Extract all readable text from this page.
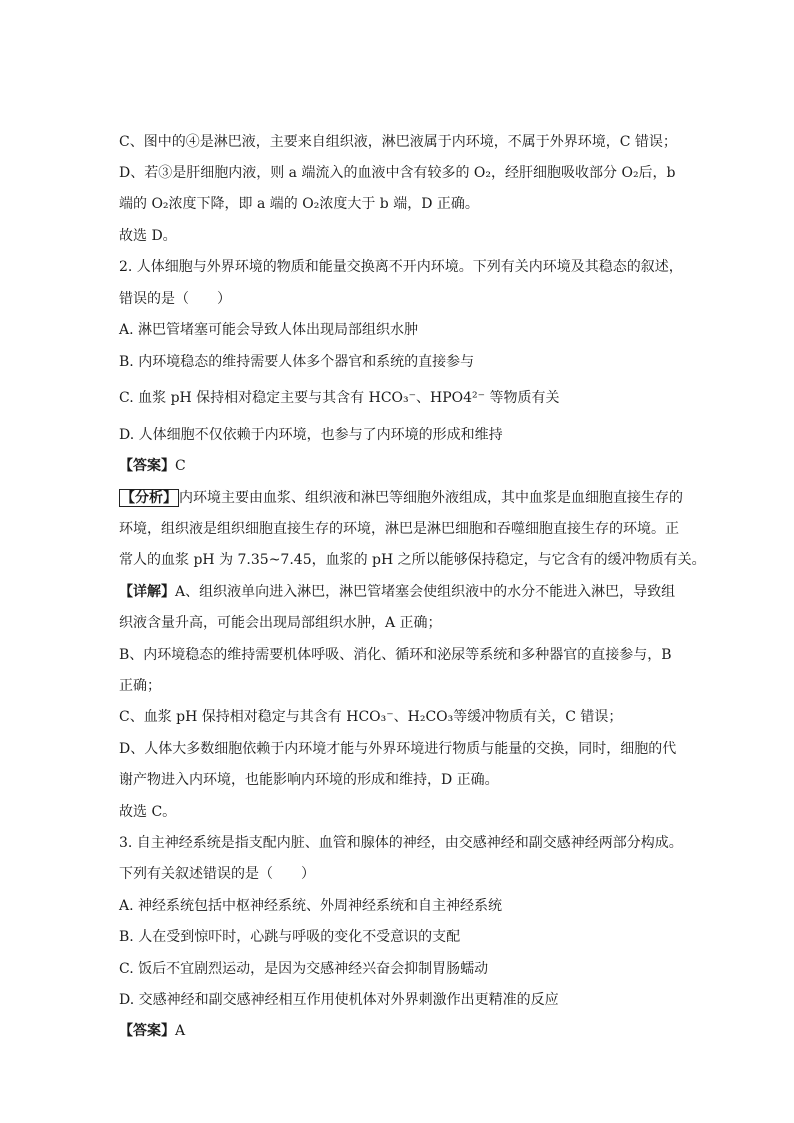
C、图中的④是淋巴液，主要来自组织液，淋巴液属于内环境，不属于外界环境，C 错误；
D、若③是肝细胞内液，则 a 端流入的血液中含有较多的 O₂，经肝细胞吸收部分 O₂后，b
端的 O₂浓度下降，即 a 端的 O₂浓度大于 b 端，D 正确。
故选 D。
2. 人体细胞与外界环境的物质和能量交换离不开内环境。下列有关内环境及其稳态的叙述，
错误的是（　　）
A. 淋巴管堵塞可能会导致人体出现局部组织水肿
B. 内环境稳态的维持需要人体多个器官和系统的直接参与
C. 血浆 pH 保持相对稳定主要与其含有 HCO₃⁻、HPO4²⁻ 等物质有关
D. 人体细胞不仅依赖于内环境，也参与了内环境的形成和维持
【答案】C
【分析】 内环境主要由血浆、组织液和淋巴等细胞外液组成，其中血浆是血细胞直接生存的
环境，组织液是组织细胞直接生存的环境，淋巴是淋巴细胞和吞噬细胞直接生存的环境。正
常人的血浆 pH 为 7.35~7.45，血浆的 pH 之所以能够保持稳定，与它含有的缓冲物质有关。
【详解】A、组织液单向进入淋巴，淋巴管堵塞会使组织液中的水分不能进入淋巴，导致组
织液含量升高，可能会出现局部组织水肿，A 正确；
B、内环境稳态的维持需要机体呼吸、消化、循环和泌尿等系统和多种器官的直接参与，B
正确；
C、血浆 pH 保持相对稳定与其含有 HCO₃⁻、H₂CO₃等缓冲物质有关，C 错误；
D、人体大多数细胞依赖于内环境才能与外界环境进行物质与能量的交换，同时，细胞的代
谢产物进入内环境，也能影响内环境的形成和维持，D 正确。
故选 C。
3. 自主神经系统是指支配内脏、血管和腺体的神经，由交感神经和副交感神经两部分构成。
下列有关叙述错误的是（　　）
A. 神经系统包括中枢神经系统、外周神经系统和自主神经系统
B. 人在受到惊吓时，心跳与呼吸的变化不受意识的支配
C. 饭后不宜剧烈运动，是因为交感神经兴奋会抑制胃肠蠕动
D. 交感神经和副交感神经相互作用使机体对外界刺激作出更精准的反应
【答案】A
